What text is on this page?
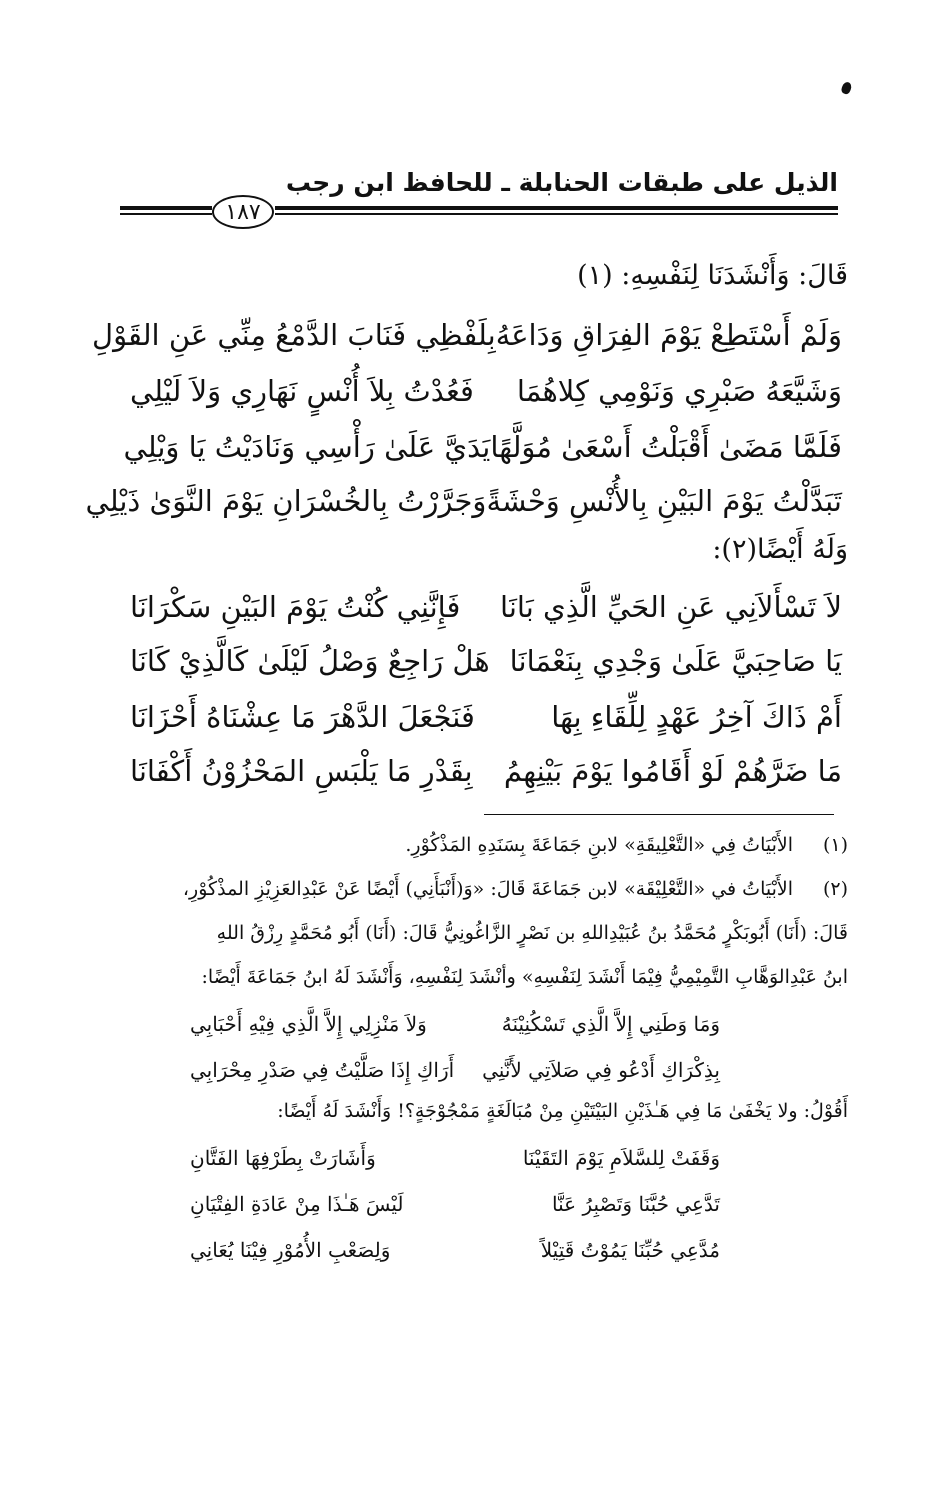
الذيل على طبقات الحنابلة ـ للحافظ ابن رجب
١٨٧
قَالَ: وَأَنْشَدَنَا لِنَفْسِهِ: (١)
وَلَمْ أَسْتَطِعْ يَوْمَ الفِرَاقِ وَدَاعَهُ
بِلَفْظِي فَنَابَ الدَّمْعُ مِنِّي عَنِ القَوْلِ
وَشَيَّعَهُ صَبْرِي وَنَوْمِي كِلاهُمَا
فَعُدْتُ بِلاَ أُنْسٍ نَهَارِي وَلاَ لَيْلِي
فَلَمَّا مَضَىٰ أَقْبَلْتُ أَسْعَىٰ مُوَلَّهًا
يَدَيَّ عَلَىٰ رَأْسِي وَنَادَيْتُ يَا وَيْلِي
تَبَدَّلْتُ يَوْمَ البَيْنِ بِالأُنْسِ وَحْشَةً
وَجَرَّرْتُ بِالخُسْرَانِ يَوْمَ النَّوَىٰ ذَيْلِي
وَلَهُ أَيْضًا(٢):
لاَ تَسْأَلاَنِي عَنِ الحَيِّ الَّذِي بَانَا
فَإِنَّنِي كُنْتُ يَوْمَ البَيْنِ سَكْرَانَا
يَا صَاحِبَيَّ عَلَىٰ وَجْدِي بِنَعْمَانَا
هَلْ رَاجِعٌ وَصْلُ لَيْلَىٰ كَالَّذِيْ كَانَا
أَمْ ذَاكَ آخِرُ عَهْدٍ لِلِّقَاءِ بِهَا
فَنَجْعَلَ الدَّهْرَ مَا عِشْنَاهُ أَحْزَانَا
مَا ضَرَّهُمْ لَوْ أَقَامُوا يَوْمَ بَيْنِهِمُ
بِقَدْرِ مَا يَلْبَسِ المَحْزُوْنُ أَكْفَانَا
(١)
الأَبْيَاتُ فِي «التَّعْلِيقَةِ» لابنِ جَمَاعَةَ بِسَنَدِهِ المَذْكُوْرِ.
(٢)
الأَبْيَاتُ في «التَّعْلِيْقَة» لابن جَمَاعَةَ قَالَ: «وَ(أَنْبَأَنِي) أَيْضًا عَنْ عَبْدِالعَزِيْزِ المذْكُوْرِ،
قَالَ: (أَنَا) أَبُوبَكْرٍ مُحَمَّدُ بنُ عُبَيْدِاللهِ بن نَصْرٍ الزَّاغُونِيُّ قَالَ: (أَنَا) أَبُو مُحَمَّدٍ رِزْقُ اللهِ
ابنُ عَبْدِالوَهَّابِ التَّمِيْمِيُّ فِيْمَا أَنْشَدَ لِنَفْسِهِ» وأنْشَدَ لِنَفْسِهِ، وَأَنْشَدَ لَهُ ابنُ جَمَاعَةَ أَيْضًا:
وَمَا وَطَنِي إِلاَّ الَّذِي تَسْكُنِيْنَهُ
وَلاَ مَنْزِلِي إِلاَّ الَّذِي فِيْهِ أَحْبَابِي
بِذِكْرَاكِ أَدْعُو فِي صَلاَتِي لأَنَّنِي
أَرَاكِ إِذَا صَلَّيْتُ فِي صَدْرِ مِحْرَابِي
أَقُوْلُ: ولا يَخْفَىٰ مَا فِي هَـٰذَيْنِ البَيْتَيْنِ مِنْ مُبَالَغَةٍ مَمْجُوْجَةٍ؟! وَأَنْشَدَ لَهُ أَيْضًا:
وَقَفَتْ لِلسَّلاَمِ يَوْمَ التَقَيْنَا
وَأَشَارَتْ بِطَرْفِهَا الفَتَّانِ
تَدَّعِي حُبَّنَا وَتَصْبِرُ عَنَّا
لَيْسَ هَـٰذَا مِنْ عَادَةِ الفِتْيَانِ
مُدَّعِي حُبِّنَا يَمُوْتُ قَتِيْلاً
وَلِصَعْبِ الأُمُوْرِ فِيْنَا يُعَانِي
